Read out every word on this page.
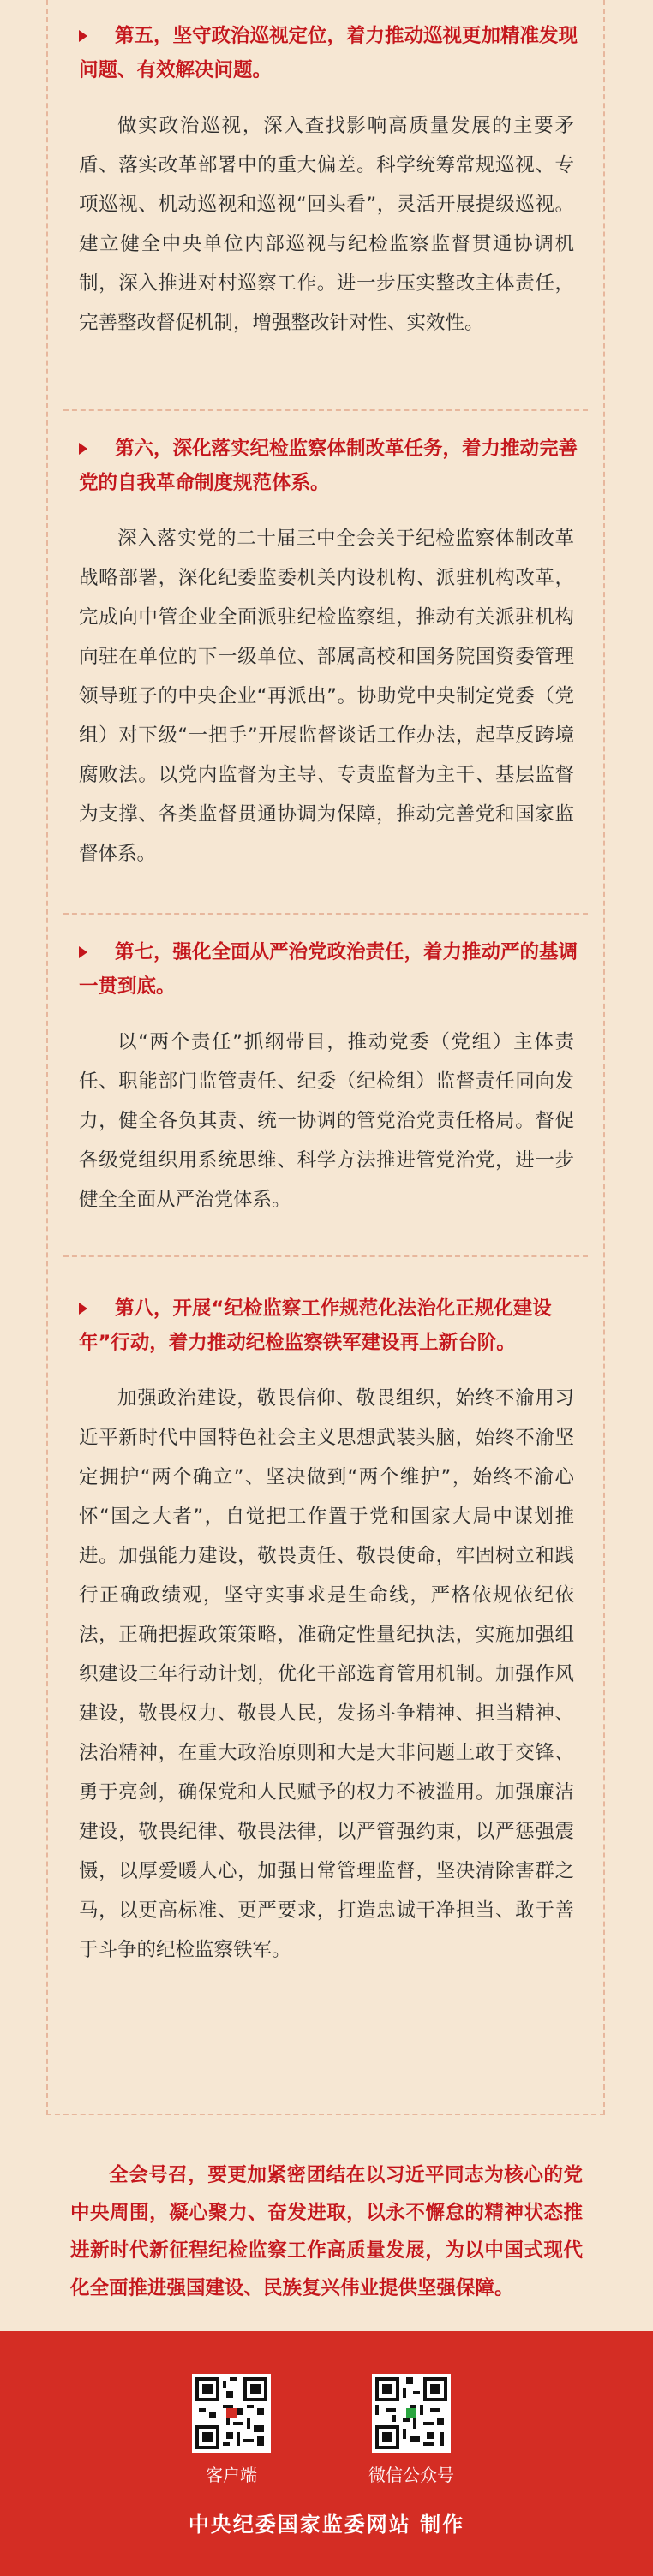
第五，坚守政治巡视定位，着力推动巡视更加精准发现问题、有效解决问题。
做实政治巡视，深入查找影响高质量发展的主要矛盾、落实改革部署中的重大偏差。科学统筹常规巡视、专项巡视、机动巡视和巡视“回头看”，灵活开展提级巡视。建立健全中央单位内部巡视与纪检监察监督贯通协调机制，深入推进对村巡察工作。进一步压实整改主体责任，完善整改督促机制，增强整改针对性、实效性。
第六，深化落实纪检监察体制改革任务，着力推动完善党的自我革命制度规范体系。
深入落实党的二十届三中全会关于纪检监察体制改革战略部署，深化纪委监委机关内设机构、派驻机构改革，完成向中管企业全面派驻纪检监察组，推动有关派驻机构向驻在单位的下一级单位、部属高校和国务院国资委管理领导班子的中央企业“再派出”。协助党中央制定党委（党组）对下级“一把手”开展监督谈话工作办法，起草反跨境腐败法。以党内监督为主导、专责监督为主干、基层监督为支撑、各类监督贯通协调为保障，推动完善党和国家监督体系。
第七，强化全面从严治党政治责任，着力推动严的基调一贯到底。
以“两个责任”抓纲带目，推动党委（党组）主体责任、职能部门监管责任、纪委（纪检组）监督责任同向发力，健全各负其责、统一协调的管党治党责任格局。督促各级党组织用系统思维、科学方法推进管党治党，进一步健全全面从严治党体系。
第八，开展“纪检监察工作规范化法治化正规化建设年”行动，着力推动纪检监察铁军建设再上新台阶。
加强政治建设，敬畏信仰、敬畏组织，始终不渝用习近平新时代中国特色社会主义思想武装头脑，始终不渝坚定拥护“两个确立”、坚决做到“两个维护”，始终不渝心怀“国之大者”，自觉把工作置于党和国家大局中谋划推进。加强能力建设，敬畏责任、敬畏使命，牢固树立和践行正确政绩观，坚守实事求是生命线，严格依规依纪依法，正确把握政策策略，准确定性量纪执法，实施加强组织建设三年行动计划，优化干部选育管用机制。加强作风建设，敬畏权力、敬畏人民，发扬斗争精神、担当精神、法治精神，在重大政治原则和大是大非问题上敢于交锋、勇于亮剑，确保党和人民赋予的权力不被滥用。加强廉洁建设，敬畏纪律、敬畏法律，以严管强约束，以严惩强震慑，以厚爱暖人心，加强日常管理监督，坚决清除害群之马，以更高标准、更严要求，打造忠诚干净担当、敢于善于斗争的纪检监察铁军。
全会号召，要更加紧密团结在以习近平同志为核心的党中央周围，凝心聚力、奋发进取，以永不懈怠的精神状态推进新时代新征程纪检监察工作高质量发展，为以中国式现代化全面推进强国建设、民族复兴伟业提供坚强保障。
客户端	微信公众号
中央纪委国家监委网站 制作
